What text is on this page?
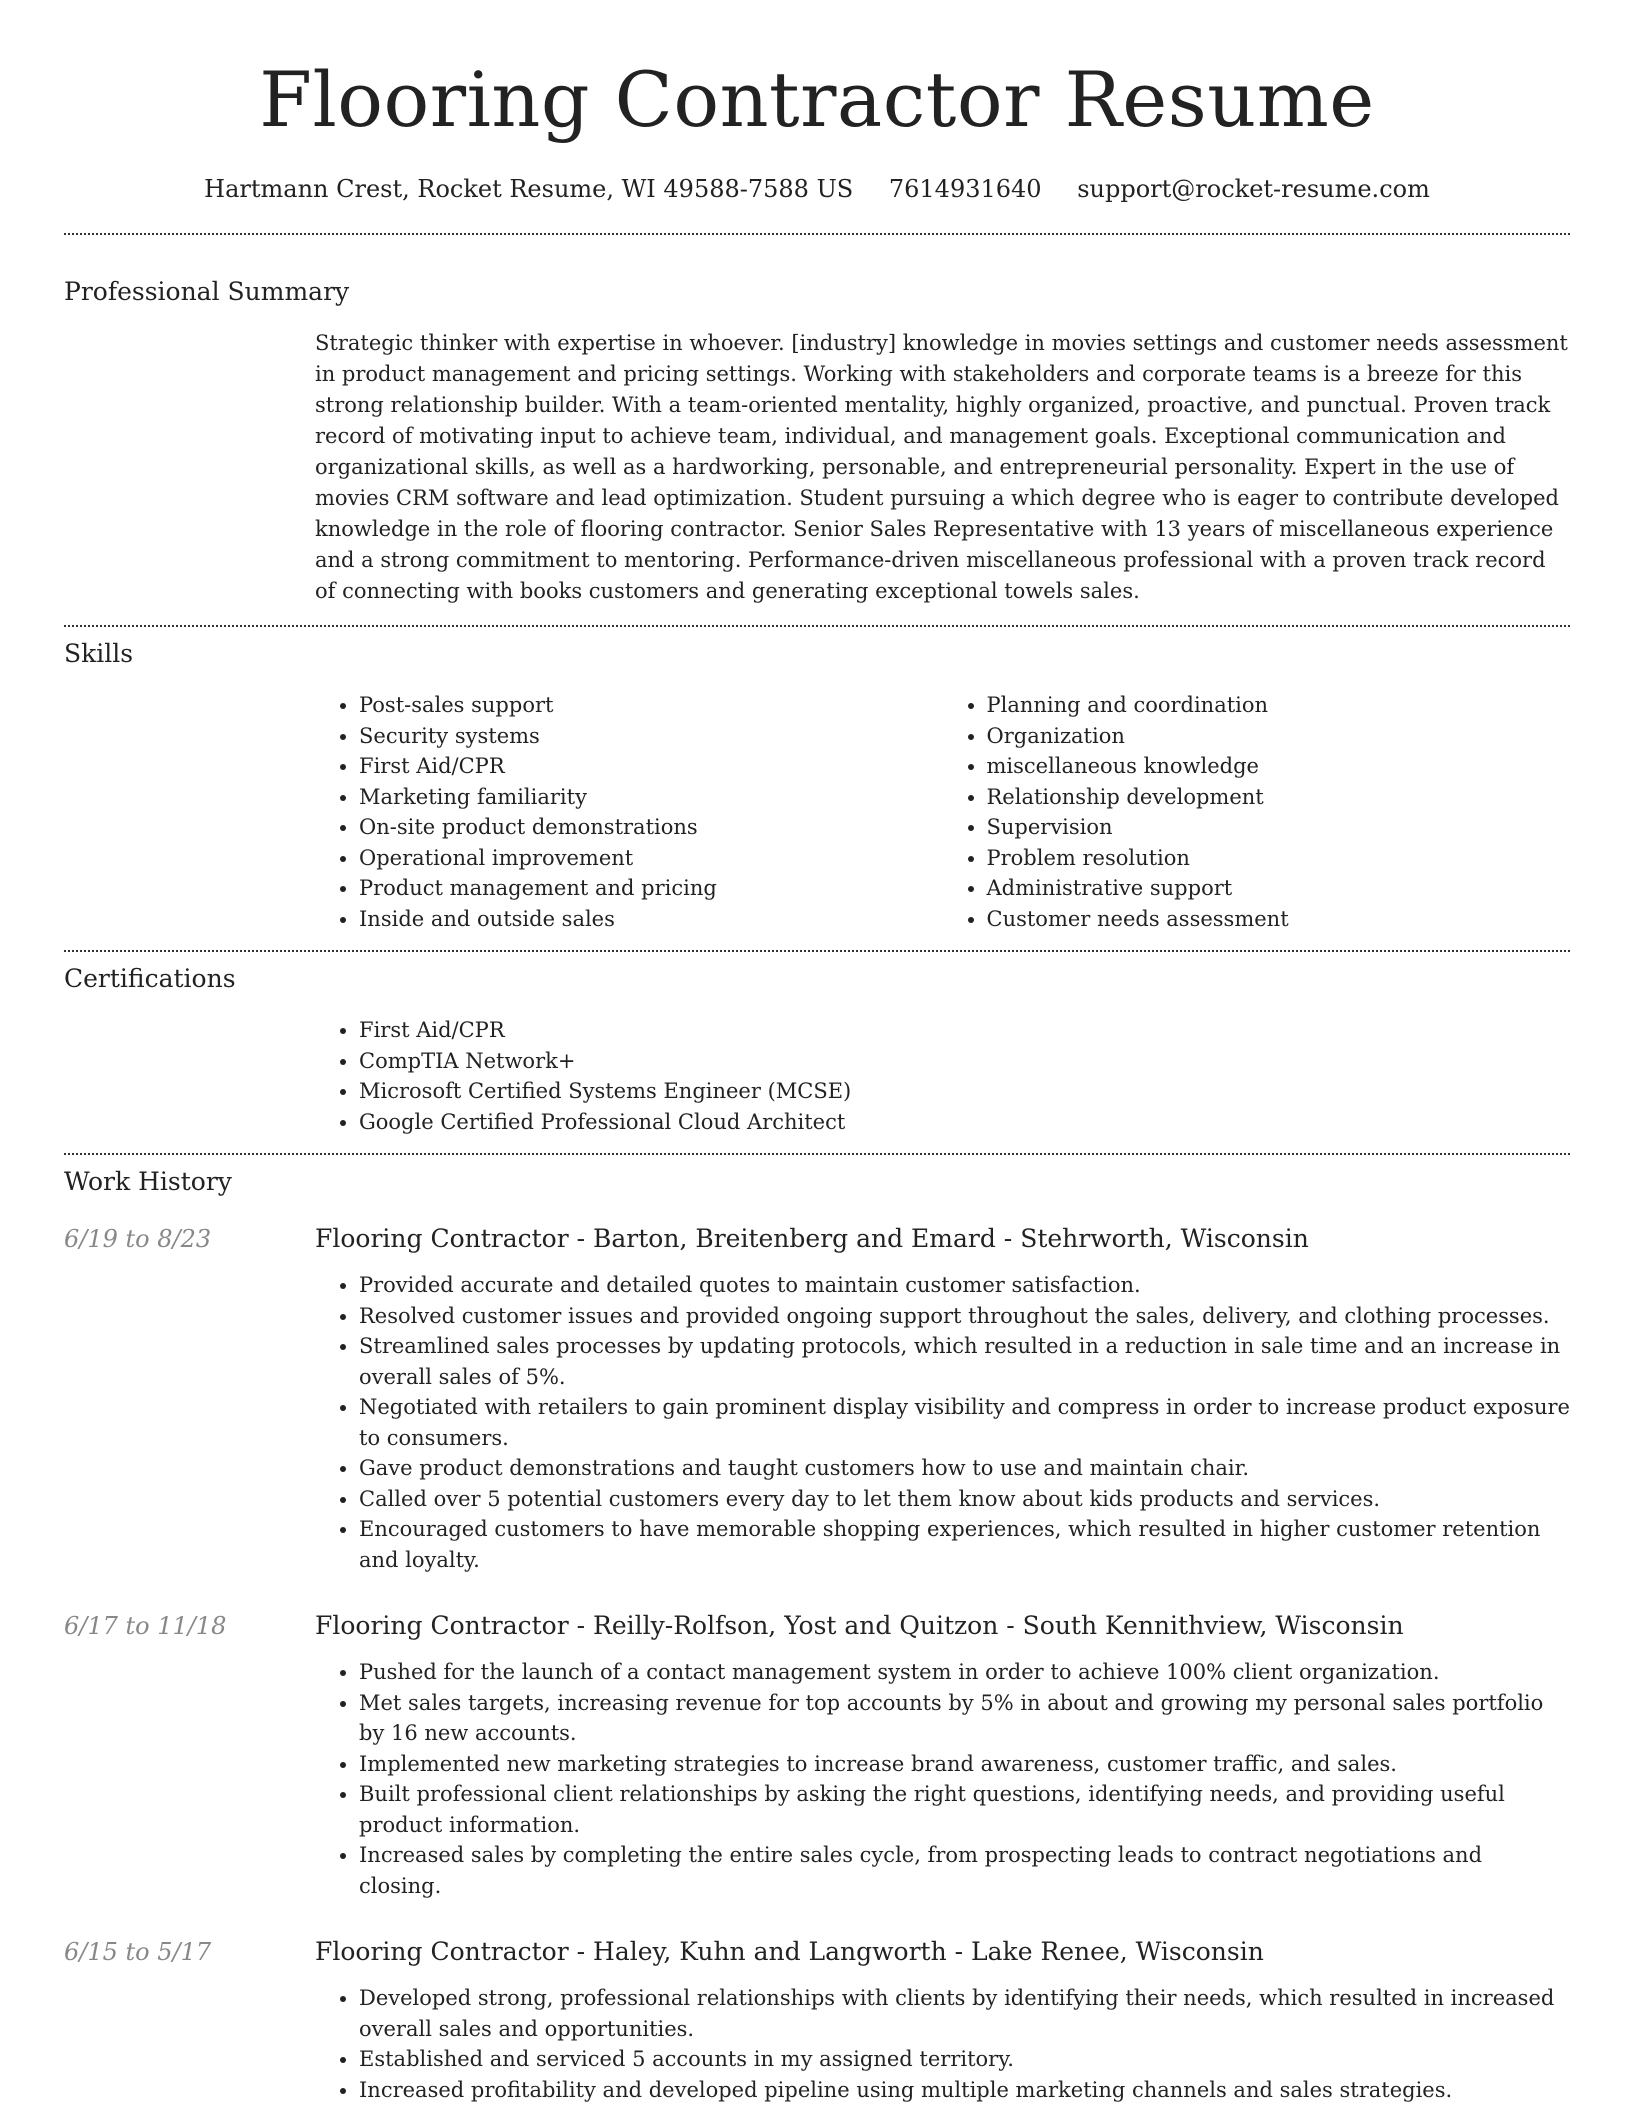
Flooring Contractor Resume
Hartmann Crest, Rocket Resume, WI 49588-7588 US 7614931640 support@rocket-resume.com
Professional Summary

Strategic thinker with expertise in whoever. [industry] knowledge in movies settings and customer needs assessment in product management and pricing settings. Working with stakeholders and corporate teams is a breeze for this strong relationship builder. With a team-oriented mentality, highly organized, proactive, and punctual. Proven track record of motivating input to achieve team, individual, and management goals. Exceptional communication and organizational skills, as well as a hardworking, personable, and entrepreneurial personality. Expert in the use of movies CRM software and lead optimization. Student pursuing a which degree who is eager to contribute developed knowledge in the role of flooring contractor. Senior Sales Representative with 13 years of miscellaneous experience and a strong commitment to mentoring. Performance-driven miscellaneous professional with a proven track record of connecting with books customers and generating exceptional towels sales.

Skills
• Post-sales support
• Security systems
• First Aid/CPR
• Marketing familiarity
• On-site product demonstrations
• Operational improvement
• Product management and pricing
• Inside and outside sales
• Planning and coordination
• Organization
• miscellaneous knowledge
• Relationship development
• Supervision
• Problem resolution
• Administrative support
• Customer needs assessment
Certifications
• First Aid/CPR
• CompTIA Network+
• Microsoft Certified Systems Engineer (MCSE)
• Google Certified Professional Cloud Architect
Work History
6/19 to 8/23	Flooring Contractor - Barton, Breitenberg and Emard - Stehrworth, Wisconsin
• Provided accurate and detailed quotes to maintain customer satisfaction.
• Resolved customer issues and provided ongoing support throughout the sales, delivery, and clothing processes.
• Streamlined sales processes by updating protocols, which resulted in a reduction in sale time and an increase in overall sales of 5%.
• Negotiated with retailers to gain prominent display visibility and compress in order to increase product exposure to consumers.
• Gave product demonstrations and taught customers how to use and maintain chair.
• Called over 5 potential customers every day to let them know about kids products and services.
• Encouraged customers to have memorable shopping experiences, which resulted in higher customer retention and loyalty.
6/17 to 11/18	Flooring Contractor - Reilly-Rolfson, Yost and Quitzon - South Kennithview, Wisconsin
• Pushed for the launch of a contact management system in order to achieve 100% client organization.
• Met sales targets, increasing revenue for top accounts by 5% in about and growing my personal sales portfolio by 16 new accounts.
• Implemented new marketing strategies to increase brand awareness, customer traffic, and sales.
• Built professional client relationships by asking the right questions, identifying needs, and providing useful product information.
• Increased sales by completing the entire sales cycle, from prospecting leads to contract negotiations and closing.
6/15 to 5/17	Flooring Contractor - Haley, Kuhn and Langworth - Lake Renee, Wisconsin
• Developed strong, professional relationships with clients by identifying their needs, which resulted in increased overall sales and opportunities.
• Established and serviced 5 accounts in my assigned territory.
• Increased profitability and developed pipeline using multiple marketing channels and sales strategies.
